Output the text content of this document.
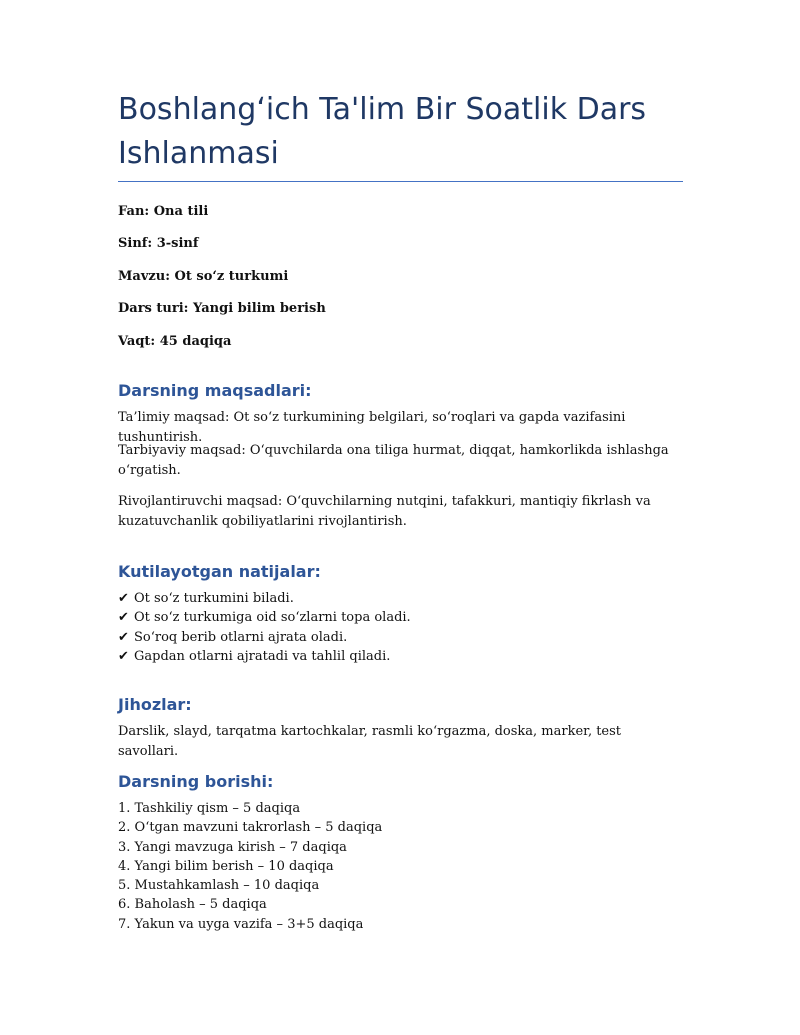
Boshlang‘ich Ta'lim Bir Soatlik Dars Ishlanmasi
Fan: Ona tili
Sinf: 3-sinf
Mavzu: Ot so‘z turkumi
Dars turi: Yangi bilim berish
Vaqt: 45 daqiqa
Darsning maqsadlari:
Ta’limiy maqsad: Ot so‘z turkumining belgilari, so‘roqlari va gapda vazifasini tushuntirish.
Tarbiyaviy maqsad: O‘quvchilarda ona tiliga hurmat, diqqat, hamkorlikda ishlashga o‘rgatish.
Rivojlantiruvchi maqsad: O‘quvchilarning nutqini, tafakkuri, mantiqiy fikrlash va kuzatuvchanlik qobiliyatlarini rivojlantirish.
Kutilayotgan natijalar:
✔ Ot so‘z turkumini biladi.
✔ Ot so‘z turkumiga oid so‘zlarni topa oladi.
✔ So‘roq berib otlarni ajrata oladi.
✔ Gapdan otlarni ajratadi va tahlil qiladi.
Jihozlar:
Darslik, slayd, tarqatma kartochkalar, rasmli ko‘rgazma, doska, marker, test savollari.
Darsning borishi:
1. Tashkiliy qism – 5 daqiqa
2. O‘tgan mavzuni takrorlash – 5 daqiqa
3. Yangi mavzuga kirish – 7 daqiqa
4. Yangi bilim berish – 10 daqiqa
5. Mustahkamlash – 10 daqiqa
6. Baholash – 5 daqiqa
7. Yakun va uyga vazifa – 3+5 daqiqa
